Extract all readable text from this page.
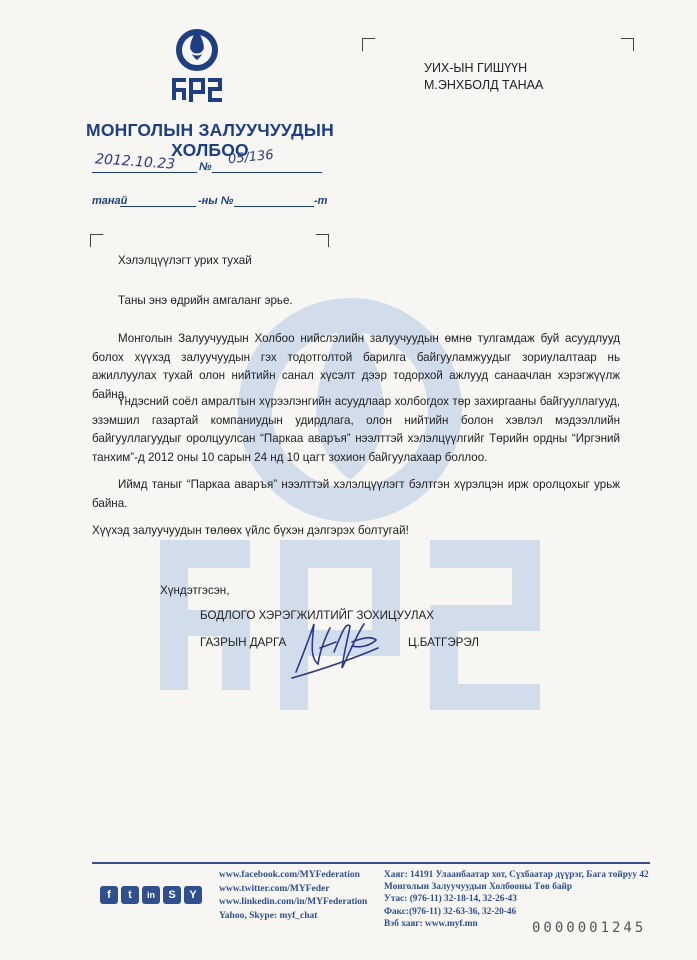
МОНГОЛЫН ЗАЛУУЧУУДЫН
ХОЛБОО
2012.10.23 № 05/136
танай	-ны №	-т
УИХ-ЫН ГИШҮҮН
М.ЭНХБОЛД ТАНАА
Хэлэлцүүлэгт урих тухай
Таны энэ өдрийн амгаланг эрье.
Монголын Залуучуудын Холбоо нийслэлийн залуучуудын өмнө тулгамдаж буй асуудлууд болох хүүхэд залуучуудын гэх тодотголтой барилга байгууламжуудыг зориулалтаар нь ажиллуулах тухай олон нийтийн санал хүсэлт дээр тодорхой ажлууд санаачлан хэрэгжүүлж байна.
Үндэсний соёл амралтын хүрээлэнгийн асуудлаар холбогдох төр захиргааны байгууллагууд, эзэмшил газартай компаниудын удирдлага, олон нийтийн болон хэвлэл мэдээллийн байгууллагуудыг оролцуулсан “Паркаа аваръя” нээлттэй хэлэлцүүлгийг Төрийн ордны “Иргэний танхим”-д 2012 оны 10 сарын 24 нд 10 цагт зохион байгуулахаар боллоо.
Иймд таныг “Паркаа аваръя” нээлттэй хэлэлцүүлэгт бэлтгэн хүрэлцэн ирж оролцохыг урьж байна.
Хүүхэд залуучуудын төлөөх үйлс бүхэн дэлгэрэх болтугай!
Хүндэтгэсэн,
БОДЛОГО ХЭРЭГЖИЛТИЙГ ЗОХИЦУУЛАХ
ГАЗРЫН ДАРГА	Ц.БАТГЭРЭЛ
f	t	in	S	Y
www.facebook.com/MYFederation
www.twitter.com/MYFeder
www.linkedin.com/in/MYFederation
Yahoo, Skype: myf_chat
Хаяг: 14191 Улаанбаатар хот, Сүхбаатар дүүрэг, Бага тойруу 42
Монголын Залуучуудын Холбооны Төв байр
Утас: (976-11) 32-18-14, 32-26-43
Факс:(976-11) 32-63-36, 32-20-46
Вэб хаяг: www.myf.mn	0000001245
